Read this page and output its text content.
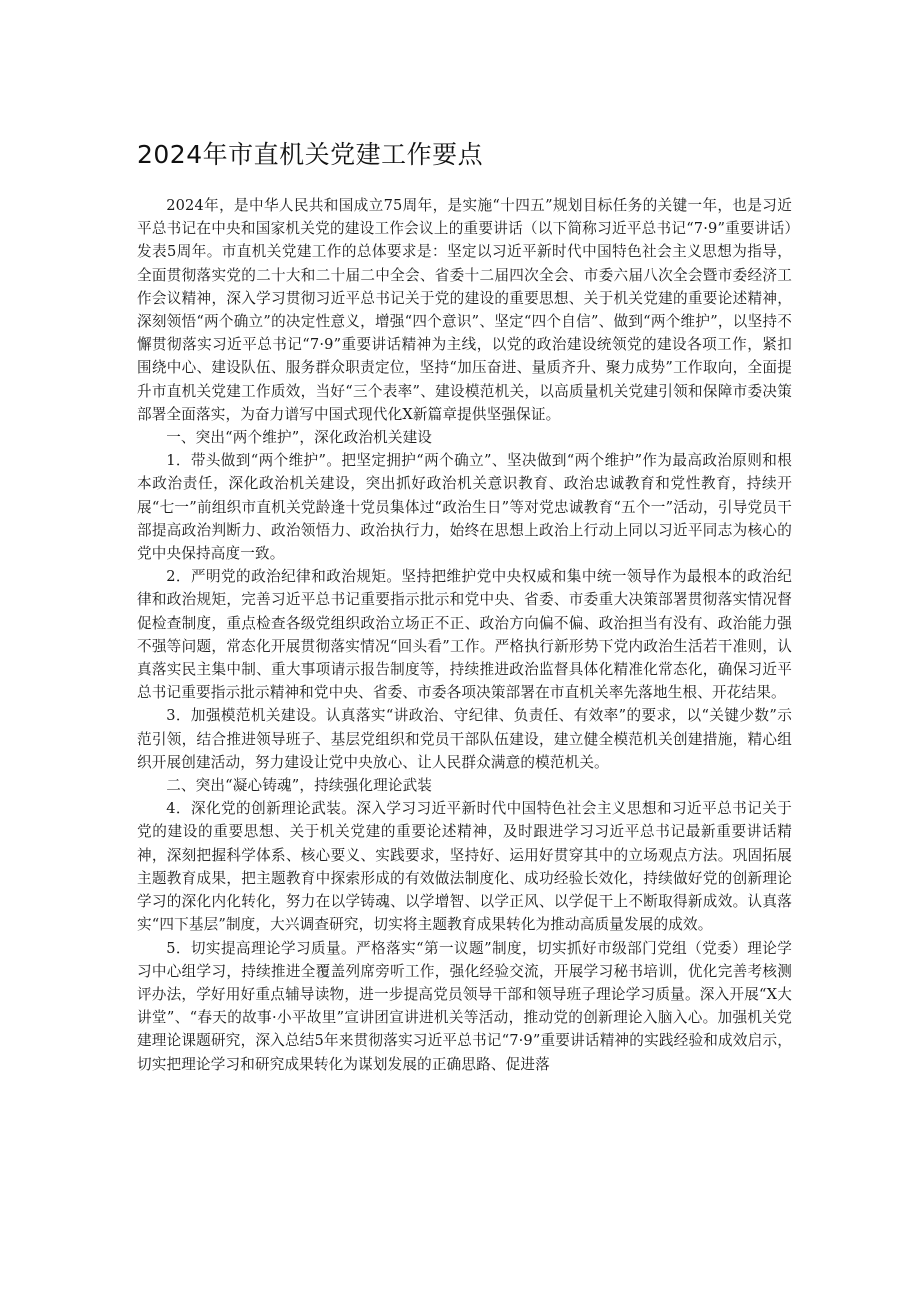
2024年市直机关党建工作要点

2024年，是中华人民共和国成立75周年，是实施“十四五”规划目标任务的关键一年，也是习近平总书记在中央和国家机关党的建设工作会议上的重要讲话（以下简称习近平总书记“7·9”重要讲话）发表5周年。市直机关党建工作的总体要求是：坚定以习近平新时代中国特色社会主义思想为指导，全面贯彻落实党的二十大和二十届二中全会、省委十二届四次全会、市委六届八次全会暨市委经济工作会议精神，深入学习贯彻习近平总书记关于党的建设的重要思想、关于机关党建的重要论述精神，深刻领悟“两个确立”的决定性意义，增强“四个意识”、坚定“四个自信”、做到“两个维护”，以坚持不懈贯彻落实习近平总书记“7·9”重要讲话精神为主线，以党的政治建设统领党的建设各项工作，紧扣围绕中心、建设队伍、服务群众职责定位，坚持“加压奋进、量质齐升、聚力成势”工作取向，全面提升市直机关党建工作质效，当好“三个表率”、建设模范机关，以高质量机关党建引领和保障市委决策部署全面落实，为奋力谱写中国式现代化X新篇章提供坚强保证。

一、突出“两个维护”，深化政治机关建设

1．带头做到“两个维护”。把坚定拥护“两个确立”、坚决做到“两个维护”作为最高政治原则和根本政治责任，深化政治机关建设，突出抓好政治机关意识教育、政治忠诚教育和党性教育，持续开展“七一”前组织市直机关党龄逢十党员集体过“政治生日”等对党忠诚教育“五个一”活动，引导党员干部提高政治判断力、政治领悟力、政治执行力，始终在思想上政治上行动上同以习近平同志为核心的党中央保持高度一致。

2．严明党的政治纪律和政治规矩。坚持把维护党中央权威和集中统一领导作为最根本的政治纪律和政治规矩，完善习近平总书记重要指示批示和党中央、省委、市委重大决策部署贯彻落实情况督促检查制度，重点检查各级党组织政治立场正不正、政治方向偏不偏、政治担当有没有、政治能力强不强等问题，常态化开展贯彻落实情况“回头看”工作。严格执行新形势下党内政治生活若干准则，认真落实民主集中制、重大事项请示报告制度等，持续推进政治监督具体化精准化常态化，确保习近平总书记重要指示批示精神和党中央、省委、市委各项决策部署在市直机关率先落地生根、开花结果。

3．加强模范机关建设。认真落实“讲政治、守纪律、负责任、有效率”的要求，以“关键少数”示范引领，结合推进领导班子、基层党组织和党员干部队伍建设，建立健全模范机关创建措施，精心组织开展创建活动，努力建设让党中央放心、让人民群众满意的模范机关。

二、突出“凝心铸魂”，持续强化理论武装

4．深化党的创新理论武装。深入学习习近平新时代中国特色社会主义思想和习近平总书记关于党的建设的重要思想、关于机关党建的重要论述精神，及时跟进学习习近平总书记最新重要讲话精神，深刻把握科学体系、核心要义、实践要求，坚持好、运用好贯穿其中的立场观点方法。巩固拓展主题教育成果，把主题教育中探索形成的有效做法制度化、成功经验长效化，持续做好党的创新理论学习的深化内化转化，努力在以学铸魂、以学增智、以学正风、以学促干上不断取得新成效。认真落实“四下基层”制度，大兴调查研究，切实将主题教育成果转化为推动高质量发展的成效。

5．切实提高理论学习质量。严格落实“第一议题”制度，切实抓好市级部门党组（党委）理论学习中心组学习，持续推进全覆盖列席旁听工作，强化经验交流，开展学习秘书培训，优化完善考核测评办法，学好用好重点辅导读物，进一步提高党员领导干部和领导班子理论学习质量。深入开展“X大讲堂”、“春天的故事·小平故里”宣讲团宣讲进机关等活动，推动党的创新理论入脑入心。加强机关党建理论课题研究，深入总结5年来贯彻落实习近平总书记“7·9”重要讲话精神的实践经验和成效启示，切实把理论学习和研究成果转化为谋划发展的正确思路、促进落
